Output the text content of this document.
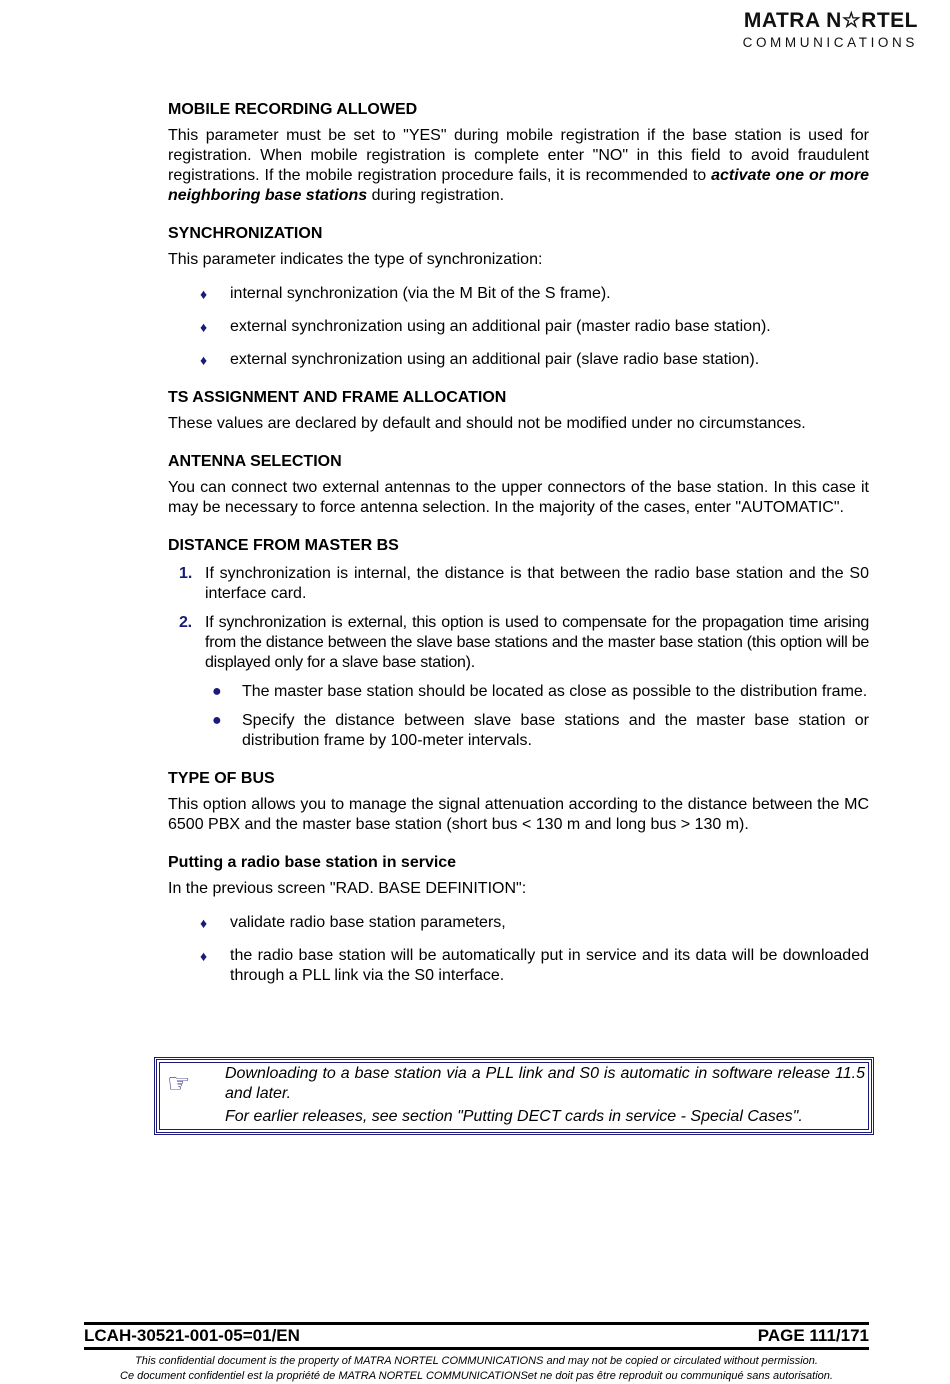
MATRA N☆RTEL
COMMUNICATIONS
MOBILE RECORDING ALLOWED

This parameter must be set to "YES" during mobile registration if the base station is used for registration. When mobile registration is complete enter "NO" in this field to avoid fraudulent registrations. If the mobile registration procedure fails, it is recommended to activate one or more neighboring base stations during registration.

SYNCHRONIZATION

This parameter indicates the type of synchronization:

♦ internal synchronization (via the M Bit of the S frame).
♦ external synchronization using an additional pair (master radio base station).
♦ external synchronization using an additional pair (slave radio base station).
TS ASSIGNMENT AND FRAME ALLOCATION

These values are declared by default and should not be modified under no circumstances.

ANTENNA SELECTION

You can connect two external antennas to the upper connectors of the base station. In this case it may be necessary to force antenna selection. In the majority of the cases, enter "AUTOMATIC".

DISTANCE FROM MASTER BS
1. If synchronization is internal, the distance is that between the radio base station and the S0 interface card.
2. If synchronization is external, this option is used to compensate for the propagation time arising from the distance between the slave base stations and the master base station (this option will be displayed only for a slave base station).
● The master base station should be located as close as possible to the distribution frame.
● Specify the distance between slave base stations and the master base station or distribution frame by 100-meter intervals.
TYPE OF BUS

This option allows you to manage the signal attenuation according to the distance between the MC 6500 PBX and the master base station (short bus < 130 m and long bus > 130 m).

Putting a radio base station in service

In the previous screen "RAD. BASE DEFINITION":

♦ validate radio base station parameters,
♦ the radio base station will be automatically put in service and its data will be downloaded through a PLL link via the S0 interface.
☞ Downloading to a base station via a PLL link and S0 is automatic in software release 11.5 and later.

For earlier releases, see section "Putting DECT cards in service - Special Cases".

LCAH-30521-001-05=01/EN	PAGE 111/171
This confidential document is the property of MATRA NORTEL COMMUNICATIONS and may not be copied or circulated without permission.
Ce document confidentiel est la propriété de MATRA NORTEL COMMUNICATIONSet ne doit pas être reproduit ou communiqué sans autorisation.
